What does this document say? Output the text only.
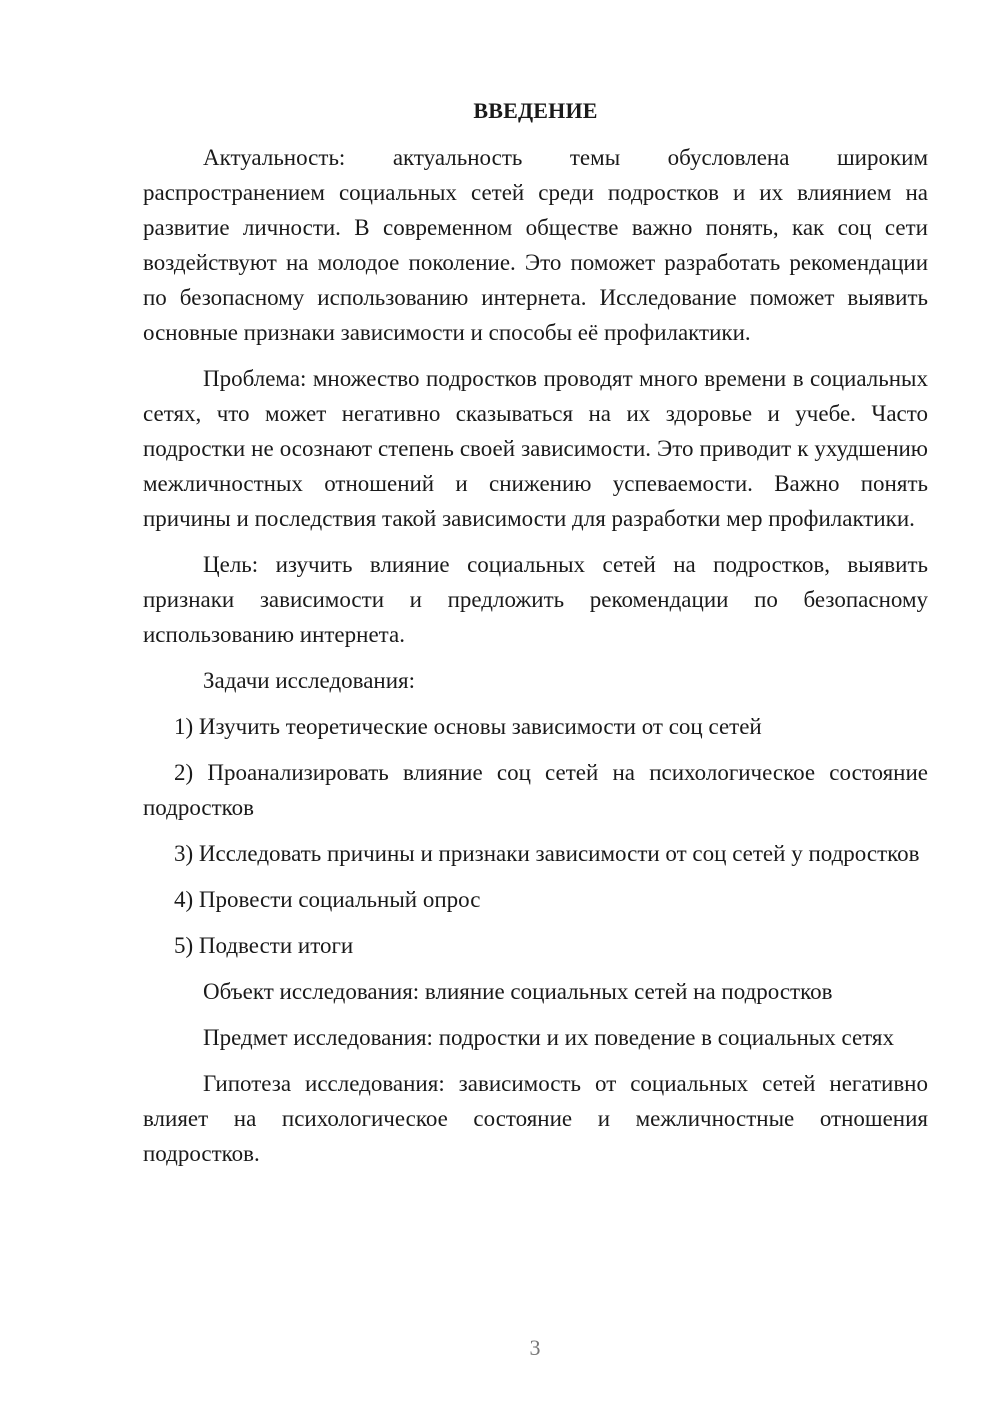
ВВЕДЕНИЕ

Актуальность: актуальность темы обусловлена широким распространением социальных сетей среди подростков и их влиянием на развитие личности. В современном обществе важно понять, как соц сети воздействуют на молодое поколение. Это поможет разработать рекомендации по безопасному использованию интернета. Исследование поможет выявить основные признаки зависимости и способы её профилактики.

Проблема: множество подростков проводят много времени в социальных сетях, что может негативно сказываться на их здоровье и учебе. Часто подростки не осознают степень своей зависимости. Это приводит к ухудшению межличностных отношений и снижению успеваемости. Важно понять причины и последствия такой зависимости для разработки мер профилактики.

Цель: изучить влияние социальных сетей на подростков, выявить признаки зависимости и предложить рекомендации по безопасному использованию интернета.

Задачи исследования:

1) Изучить теоретические основы зависимости от соц сетей

2) Проанализировать влияние соц сетей на психологическое состояние подростков

3) Исследовать причины и признаки зависимости от соц сетей у подростков

4) Провести социальный опрос

5) Подвести итоги

Объект исследования: влияние социальных сетей на подростков

Предмет исследования: подростки и их поведение в социальных сетях

Гипотеза исследования: зависимость от социальных сетей негативно влияет на психологическое состояние и межличностные отношения подростков.

3
